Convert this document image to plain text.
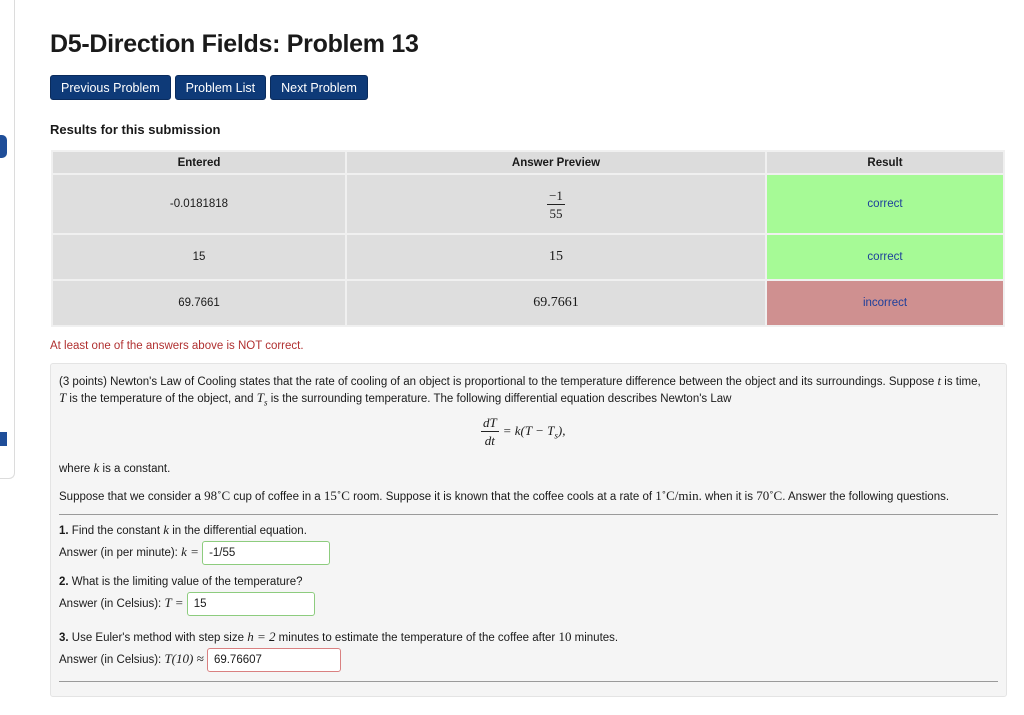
D5-Direction Fields: Problem 13
Previous Problem	Problem List	Next Problem

Results for this submission

Entered	Answer Preview	Result
-0.0181818	$\frac{-1}{55}$	correct
15	15	correct
69.7661	69.7661	incorrect

At least one of the answers above is NOT correct.

(3 points) Newton's Law of Cooling states that the rate of cooling of an object is proportional to the temperature difference between the object and its surroundings. Suppose t is time, T is the temperature of the object, and $T_s$ is the surrounding temperature. The following differential equation describes Newton's Law

$\frac{dT}{dt} = k(T - T_s)$,

where k is a constant.

Suppose that we consider a 98˚C cup of coffee in a 15˚C room. Suppose it is known that the coffee cools at a rate of 1˚C/min. when it is 70˚C. Answer the following questions.

1. Find the constant k in the differential equation.
Answer (in per minute): k = -1/55
2. What is the limiting value of the temperature?
Answer (in Celsius): T = 15
3. Use Euler's method with step size h = 2 minutes to estimate the temperature of the coffee after 10 minutes.
Answer (in Celsius): T(10) ≈ 69.76607
